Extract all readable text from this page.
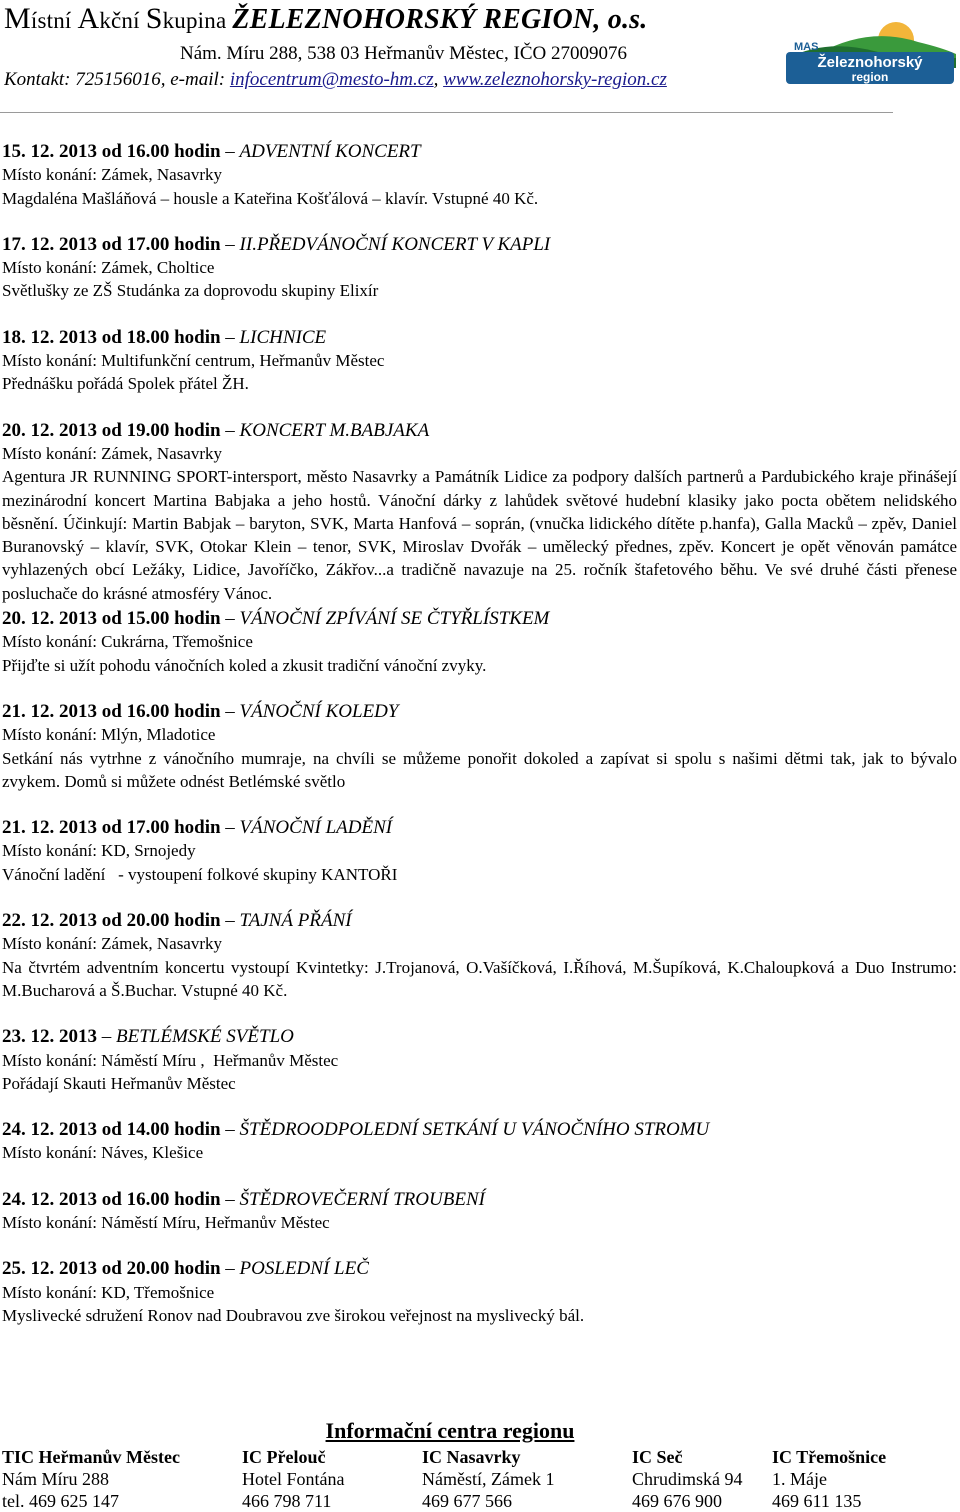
Místní Akční Skupina ŽELEZNOHORSKÝ REGION, o.s.
Nám. Míru 288, 538 03 Heřmanův Městec, IČO 27009076
Kontakt: 725156016, e-mail: infocentrum@mesto-hm.cz, www.zeleznohorsky-region.cz
MAS
Železnohorský
region
15. 12. 2013 od 16.00 hodin – ADVENTNÍ KONCERT
Místo konání: Zámek, Nasavrky
Magdaléna Mašláňová – housle a Kateřina Košťálová – klavír. Vstupné 40 Kč.
17. 12. 2013 od 17.00 hodin – II.PŘEDVÁNOČNÍ KONCERT V KAPLI
Místo konání: Zámek, Choltice
Světlušky ze ZŠ Studánka za doprovodu skupiny Elixír
18. 12. 2013 od 18.00 hodin – LICHNICE
Místo konání: Multifunkční centrum, Heřmanův Městec
Přednášku pořádá Spolek přátel ŽH.
20. 12. 2013 od 19.00 hodin – KONCERT M.BABJAKA
Místo konání: Zámek, Nasavrky
Agentura JR RUNNING SPORT-intersport, město Nasavrky a Památník Lidice za podpory dalších partnerů a Pardubického kraje přinášejí mezinárodní koncert Martina Babjaka a jeho hostů. Vánoční dárky z lahůdek světové hudební klasiky jako pocta obětem nelidského běsnění. Účinkují: Martin Babjak – baryton, SVK, Marta Hanfová – soprán, (vnučka lidického dítěte p.hanfa), Galla Macků – zpěv, Daniel Buranovský – klavír, SVK, Otokar Klein – tenor, SVK, Miroslav Dvořák – umělecký přednes, zpěv. Koncert je opět věnován památce vyhlazených obcí Ležáky, Lidice, Javoříčko, Zákřov...a tradičně navazuje na 25. ročník štafetového běhu. Ve své druhé části přenese posluchače do krásné atmosféry Vánoc.
20. 12. 2013 od 15.00 hodin – VÁNOČNÍ ZPÍVÁNÍ SE ČTYŘLÍSTKEM
Místo konání: Cukrárna, Třemošnice
Přijďte si užít pohodu vánočních koled a zkusit tradiční vánoční zvyky.
21. 12. 2013 od 16.00 hodin – VÁNOČNÍ KOLEDY
Místo konání: Mlýn, Mladotice
Setkání nás vytrhne z vánočního mumraje, na chvíli se můžeme ponořit dokoled a zapívat si spolu s našimi dětmi tak, jak to bývalo zvykem. Domů si můžete odnést Betlémské světlo
21. 12. 2013 od 17.00 hodin – VÁNOČNÍ LADĚNÍ
Místo konání: KD, Srnojedy
Vánoční ladění   - vystoupení folkové skupiny KANTOŘI
22. 12. 2013 od 20.00 hodin – TAJNÁ PŘÁNÍ
Místo konání: Zámek, Nasavrky
Na čtvrtém adventním koncertu vystoupí Kvintetky: J.Trojanová, O.Vašíčková, I.Říhová, M.Šupíková, K.Chaloupková a Duo Instrumo: M.Bucharová a Š.Buchar. Vstupné 40 Kč.
23. 12. 2013 – BETLÉMSKÉ SVĚTLO
Místo konání: Náměstí Míru ,  Heřmanův Městec
Pořádají Skauti Heřmanův Městec
24. 12. 2013 od 14.00 hodin – ŠTĚDROODPOLEDNÍ SETKÁNÍ U VÁNOČNÍHO STROMU
Místo konání: Náves, Klešice
24. 12. 2013 od 16.00 hodin – ŠTĚDROVEČERNÍ TROUBENÍ
Místo konání: Náměstí Míru, Heřmanův Městec
25. 12. 2013 od 20.00 hodin – POSLEDNÍ LEČ
Místo konání: KD, Třemošnice
Myslivecké sdružení Ronov nad Doubravou zve širokou veřejnost na myslivecký bál.
Informační centra regionu
TIC Heřmanův Městec
Nám Míru 288
tel. 469 625 147
IC Přelouč
Hotel Fontána
466 798 711
IC Nasavrky
Náměstí, Zámek 1
469 677 566
IC Seč
Chrudimská 94
469 676 900
IC Třemošnice
1. Máje
469 611 135
